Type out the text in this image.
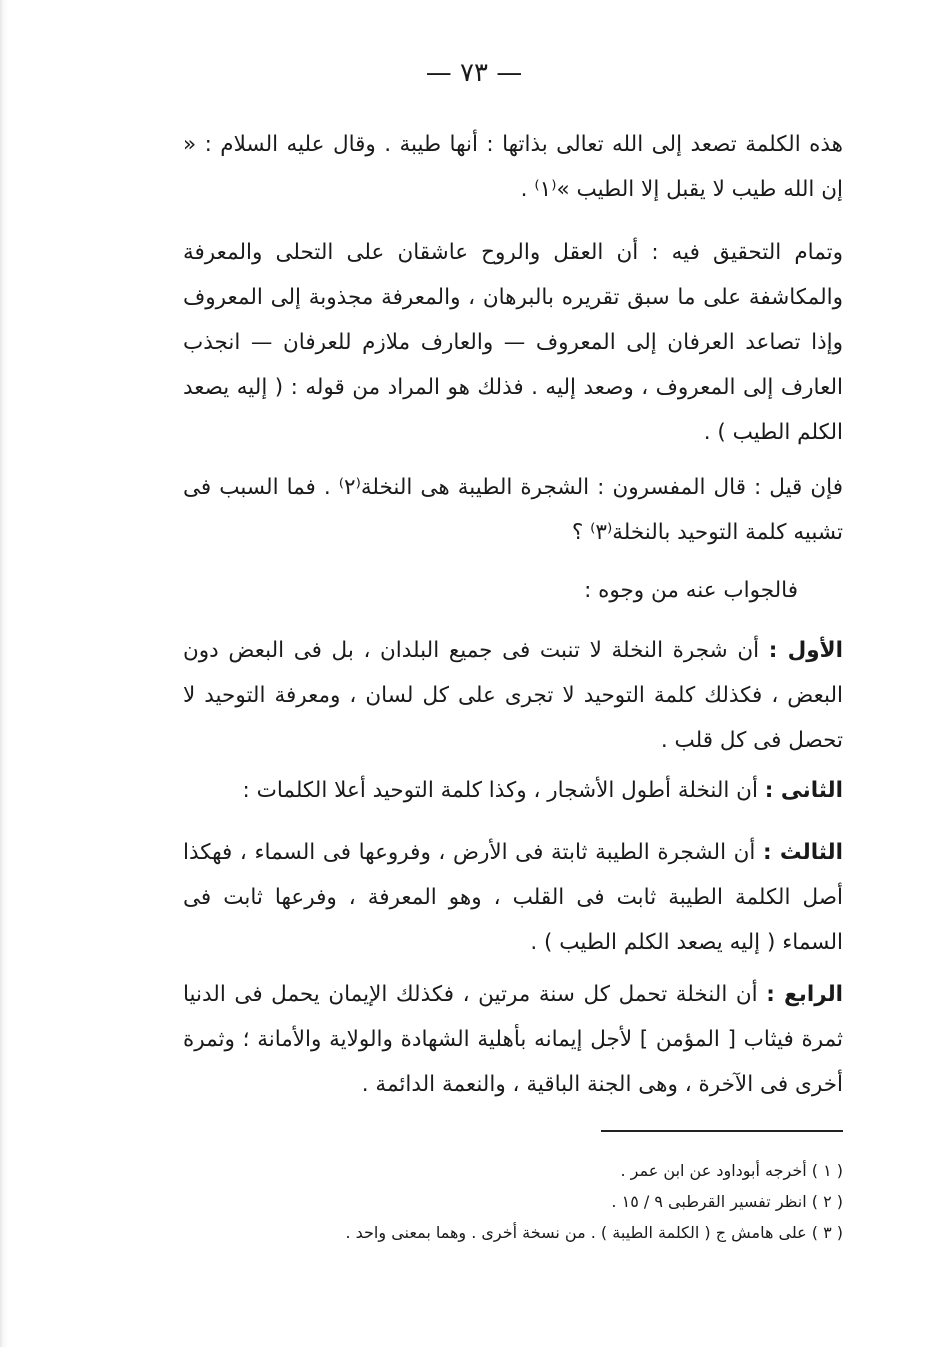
— ٧٣ —

هذه الكلمة تصعد إلى الله تعالى بذاتها : أنها طيبة . وقال عليه السلام : « إن الله طيب لا يقبل إلا الطيب »⁽١⁾ .

وتمام التحقيق فيه : أن العقل والروح عاشقان على التحلى والمعرفة والمكاشفة على ما سبق تقريره بالبرهان ، والمعرفة مجذوبة إلى المعروف وإذا تصاعد العرفان إلى المعروف — والعارف ملازم للعرفان — انجذب العارف إلى المعروف ، وصعد إليه . فذلك هو المراد من قوله : ( إليه يصعد الكلم الطيب ) .

فإن قيل : قال المفسرون : الشجرة الطيبة هى النخلة⁽٢⁾ . فما السبب فى تشبيه كلمة التوحيد بالنخلة⁽٣⁾ ؟

فالجواب عنه من وجوه :

الأول : أن شجرة النخلة لا تنبت فى جميع البلدان ، بل فى البعض دون البعض ، فكذلك كلمة التوحيد لا تجرى على كل لسان ، ومعرفة التوحيد لا تحصل فى كل قلب .

الثانى : أن النخلة أطول الأشجار ، وكذا كلمة التوحيد أعلا الكلمات :

الثالث : أن الشجرة الطيبة ثابتة فى الأرض ، وفروعها فى السماء ، فهكذا أصل الكلمة الطيبة ثابت فى القلب ، وهو المعرفة ، وفرعها ثابت فى السماء ( إليه يصعد الكلم الطيب ) .

الرابع : أن النخلة تحمل كل سنة مرتين ، فكذلك الإيمان يحمل فى الدنيا ثمرة فيثاب [ المؤمن ] لأجل إيمانه بأهلية الشهادة والولاية والأمانة ؛ وثمرة أخرى فى الآخرة ، وهى الجنة الباقية ، والنعمة الدائمة .

( ١ ) أخرجه أبوداود عن ابن عمر .
( ٢ ) انظر تفسير القرطبى ٩ / ١٥ .
( ٣ ) على هامش ج ( الكلمة الطيبة ) . من نسخة أخرى . وهما بمعنى واحد .
